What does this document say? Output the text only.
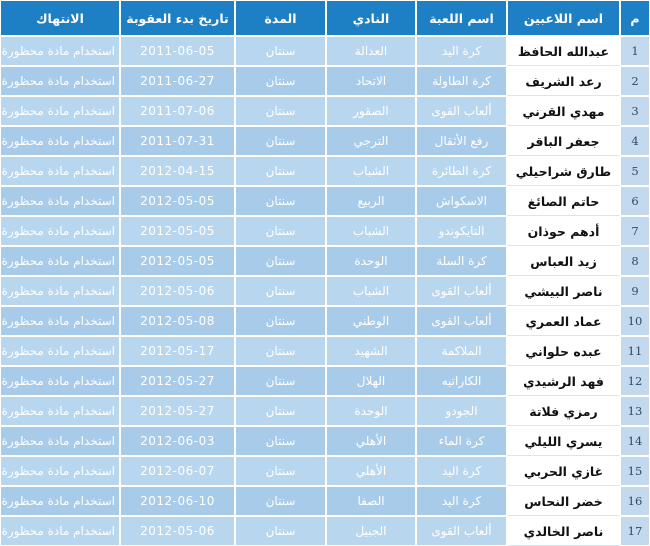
م	اسم اللاعبين	اسم اللعبة	النادي	المدة	تاريخ بدء العقوبة	الانتهاك
1	عبدالله الحافظ	كرة اليد	العدالة	سنتان	2011-06-05	استخدام مادة محظورة
2	رعد الشريف	كرة الطاولة	الاتحاد	سنتان	2011-06-27	استخدام مادة محظورة
3	مهدي القرني	ألعاب القوى	الصقور	سنتان	2011-07-06	استخدام مادة محظورة
4	جعفر الباقر	رفع الأثقال	الترجي	سنتان	2011-07-31	استخدام مادة محظورة
5	طارق شراحيلي	كرة الطائرة	الشباب	سنتان	2012-04-15	استخدام مادة محظورة
6	حاتم الصائغ	الاسكواش	الربيع	سنتان	2012-05-05	استخدام مادة محظورة
7	أدهم حوذان	التايكوندو	الشباب	سنتان	2012-05-05	استخدام مادة محظورة
8	زيد العباس	كرة السلة	الوحدة	سنتان	2012-05-05	استخدام مادة محظورة
9	ناصر البيشي	ألعاب القوى	الشباب	سنتان	2012-05-06	استخدام مادة محظورة
10	عماد العمري	ألعاب القوى	الوطني	سنتان	2012-05-08	استخدام مادة محظورة
11	عبده حلواني	الملاكمة	الشهيد	سنتان	2012-05-17	استخدام مادة محظورة
12	فهد الرشيدي	الكاراتيه	الهلال	سنتان	2012-05-27	استخدام مادة محظورة
13	رمزي فلاتة	الجودو	الوحدة	سنتان	2012-05-27	استخدام مادة محظورة
14	يسري الليلي	كرة الماء	الأهلي	سنتان	2012-06-03	استخدام مادة محظورة
15	غازي الحربي	كرة اليد	الأهلي	سنتان	2012-06-07	استخدام مادة محظورة
16	خضر النحاس	كرة اليد	الصفا	سنتان	2012-06-10	استخدام مادة محظورة
17	ناصر الخالدي	ألعاب القوى	الجبيل	سنتان	2012-05-06	استخدام مادة محظورة
